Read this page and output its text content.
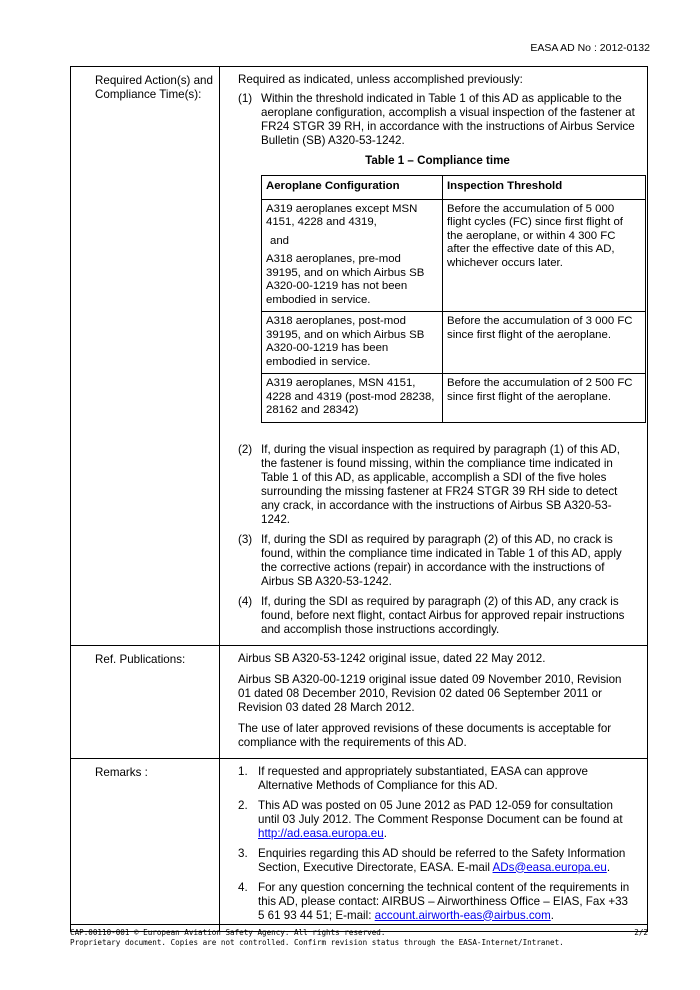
EASA AD No : 2012-0132
Required Action(s) and Compliance Time(s):	

Required as indicated, unless accomplished previously:

(1) Within the threshold indicated in Table 1 of this AD as applicable to the aeroplane configuration, accomplish a visual inspection of the fastener at FR24 STGR 39 RH, in accordance with the instructions of Airbus Service Bulletin (SB) A320-53-1242.

Table 1 – Compliance time

Aeroplane Configuration	Inspection Threshold

A319 aeroplanes except MSN 4151, 4228 and 4319,

and

A318 aeroplanes, pre-mod 39195, and on which Airbus SB A320-00-1219 has not been embodied in service.

	Before the accumulation of 5 000 flight cycles (FC) since first flight of the aeroplane, or within 4 300 FC after the effective date of this AD, whichever occurs later.
A318 aeroplanes, post-mod 39195, and on which Airbus SB A320-00-1219 has been embodied in service.	Before the accumulation of 3 000 FC since first flight of the aeroplane.
A319 aeroplanes, MSN 4151, 4228 and 4319 (post-mod 28238, 28162 and 28342)	Before the accumulation of 2 500 FC since first flight of the aeroplane.
(2) If, during the visual inspection as required by paragraph (1) of this AD, the fastener is found missing, within the compliance time indicated in Table 1 of this AD, as applicable, accomplish a SDI of the five holes surrounding the missing fastener at FR24 STGR 39 RH side to detect any crack, in accordance with the instructions of Airbus SB A320-53-1242.
(3) If, during the SDI as required by paragraph (2) of this AD, no crack is found, within the compliance time indicated in Table 1 of this AD, apply the corrective actions (repair) in accordance with the instructions of Airbus SB A320-53-1242.
(4) If, during the SDI as required by paragraph (2) of this AD, any crack is found, before next flight, contact Airbus for approved repair instructions and accomplish those instructions accordingly.

Ref. Publications:	Airbus SB A320-53-1242 original issue, dated 22 May 2012.

Airbus SB A320-00-1219 original issue dated 09 November 2010, Revision 01 dated 08 December 2010, Revision 02 dated 06 September 2011 or Revision 03 dated 28 March 2012.

The use of later approved revisions of these documents is acceptable for compliance with the requirements of this AD.

Remarks :	1. If requested and appropriately substantiated, EASA can approve Alternative Methods of Compliance for this AD.
2. This AD was posted on 05 June 2012 as PAD 12-059 for consultation until 03 July 2012. The Comment Response Document can be found at http://ad.easa.europa.eu.
3. Enquiries regarding this AD should be referred to the Safety Information Section, Executive Directorate, EASA. E-mail ADs@easa.europa.eu.
4. For any question concerning the technical content of the requirements in this AD, please contact: AIRBUS – Airworthiness Office – EIAS, Fax +33 5 61 93 44 51; E-mail: account.airworth-eas@airbus.com.
CAP.00110-001 © European Aviation Safety Agency. All rights reserved.	2/2
Proprietary document. Copies are not controlled. Confirm revision status through the EASA-Internet/Intranet.
